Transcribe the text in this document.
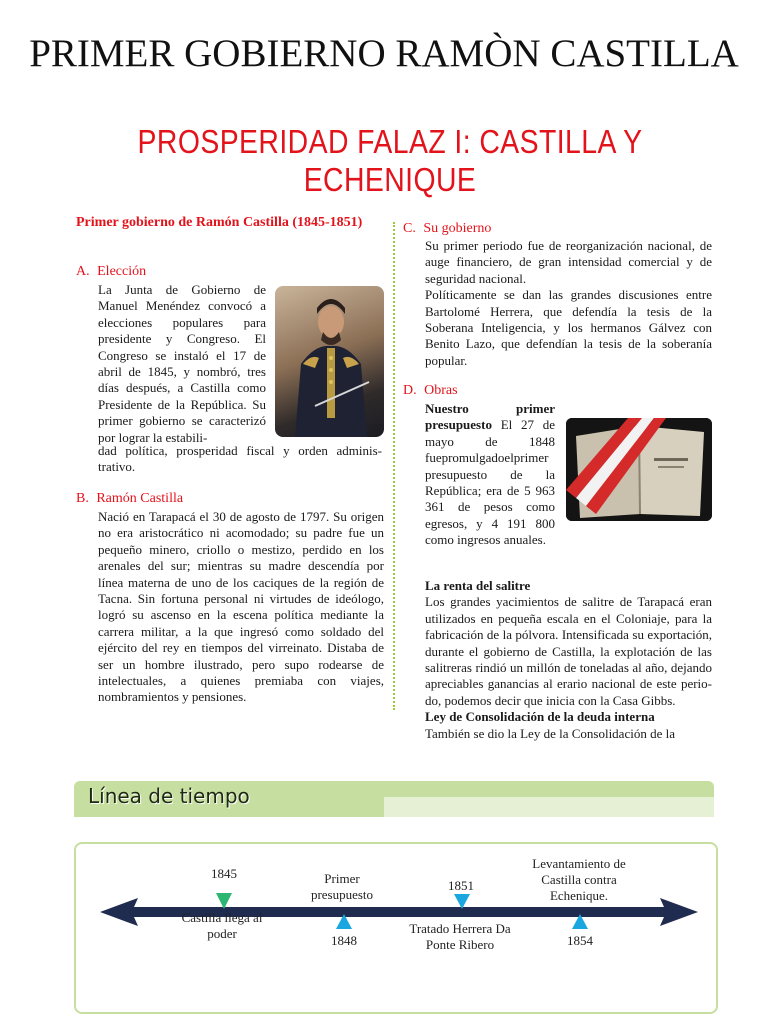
PRIMER GOBIERNO RAMÒN CASTILLA
PROSPERIDAD FALAZ I: CASTILLA Y ECHENIQUE
Primer gobierno de Ramón Castilla (1845-1851)
A. Elección
La Junta de Gobierno de Manuel Menéndez convocó a elecciones populares para presidente y Congreso. El Congreso se instaló el 17 de abril de 1845, y nombró, tres días después, a Castilla como Presidente de la República. Su primer gobierno se caracterizó por lograr la estabili-
dad política, prosperidad fiscal y orden adminis- trativo.
B. Ramón Castilla
Nació en Tarapacá el 30 de agosto de 1797. Su origen no era aristocrático ni acomodado; su padre fue un pequeño minero, criollo o mestizo, perdido en los arenales del sur; mientras su madre descendía por línea materna de uno de los caciques de la región de Tacna. Sin fortuna personal ni virtudes de ideólogo, logró su ascenso en la escena política mediante la carrera militar, a la que ingresó como soldado del ejército del rey en tiempos del virreinato. Distaba de ser un hombre ilustrado, pero supo rodearse de intelectuales, a quienes premiaba con viajes, nombramientos y pensiones.
C. Su gobierno
Su primer periodo fue de reorganización nacional, de auge financiero, de gran intensidad comercial y de seguridad nacional.
Políticamente se dan las grandes discusiones entre Bartolomé Herrera, que defendía la tesis de la Soberana Inteligencia, y los hermanos Gálvez con Benito Lazo, que defendían la tesis de la soberanía popular.
D. Obras
Nuestro primer presupuesto El 27 de mayo de 1848 fuepromulgadoelprimer presupuesto de la República; era de 5 963 361 de pesos como egresos, y 4 191 800 como ingresos anuales.
La renta del salitre
Los grandes yacimientos de salitre de Tarapacá eran utilizados en pequeña escala en el Coloniaje, para la fabricación de la pólvora. Intensificada su exportación, durante el gobierno de Castilla, la explotación de las salitreras rindió un millón de toneladas al año, dejando apreciables ganancias al erario nacional de este perio- do, podemos decir que inicia con la Casa Gibbs.
Ley de Consolidación de la deuda interna
También se dio la Ley de la Consolidación de la
Línea de tiempo
1845
Castilla llega al poder
Primer presupuesto
1848
1851
Tratado Herrera Da Ponte Ribero
Levantamiento de Castilla contra Echenique.
1854
